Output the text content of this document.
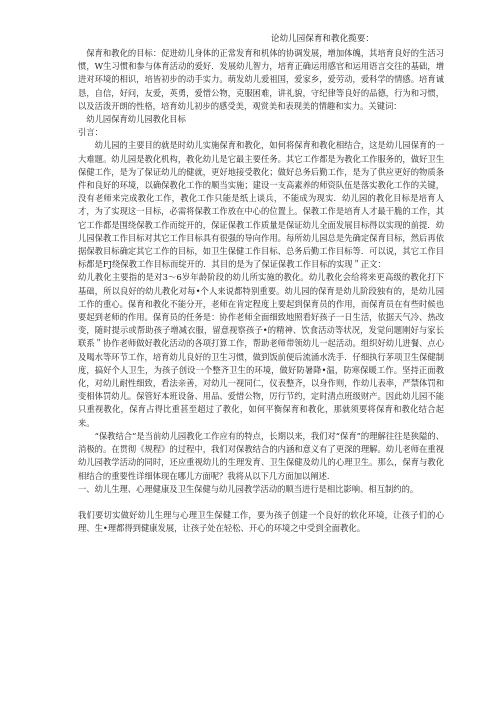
论幼儿园保育和教化揽要：

保育和教化的目标：促进幼儿身体的正常发育和机体的协调发展，增加体魄，其培育良好的生活习惯，W生习惯和参与体育活动的爱好．发展幼儿智力，培育正确运用感官和运用语言交往的基础，增进对环境的相识，培皆初步的动手实力。萌发幼儿爱祖国，爱家乡，爱劳动，爱科学的情感。培育诚恳，自信，好问，友爱，英勇，爱惜公物，克服困难，讲礼貌，守纪律等良好的品德，行为和习惯，以及活泼开朗的性格，培育幼儿初步的感受美，观赏美和表现美的情趣和实力。关键词：

幼儿园保育幼儿园教化目标

引言：

幼儿园的主要目的就是时幼儿实施保育和教化，如何将保育和教化相结合，这是幼儿园保育的一大难题。幼儿园是教化机构，教化幼儿是它最主要任务。其它工作都是为教化工作服务的，做好卫生保健工作，是为了保证幼儿的健就，更好地接受教化；做好总务后勤工作，是为了供应更好的物质条件和良好的环境，以确保教化工作的顺当实施；建设一支高素养的师资队伍是落实教化工作的关键，没有老师来完成教化工作，教化工作只能是纸上谈兵，不能成为现实．幼儿园的教化目标是培育人才，为了实现这一目标，必需将保教工作放在中心的位置上。保教工作是培育人才最干脆的工作，其它工作都是围绕保教工作而绽开的，保证保教工作质量是保证幼儿全面发展目标得以实现的前提．幼儿园保教工作目标对其它工作目标具有很强的导向作用。每所幼儿园总是先确定保育目标，然后再依据保教目标确定其它工作的目标，如卫生保健工作目标、总务后勤工作目标等．可以说，其它工作目标都是FJ绕保教工作目标而绽开的．其目的是为了保证保教工作目标的实现＂正文：

幼儿教化主要指的是对3〜6岁年龄阶段的幼儿所实施的教化。幼儿教化会给将来更高级的教化打下基础，所以良好的幼儿教化对每•个人来说都特别重要。幼儿园的保育是幼儿阶段独有的，是幼儿园工作的重心。保育和教化不能分开，老师在肯定程度上要起到保育员的作用，而保育员在有些时候也要起到老师的作用。保育员的任务是：协作老师全面细致地照看好孩子一日生活，依据天气冷、热改变，随时提示或帮助孩子增减衣服，留意视察孩子•的精神、饮食活动等状况，发觉问题刚好与家长联系＂协作老师做好教化活动的各项打算工作，帮助老师带领幼儿一起活动。组织好幼儿进餐、点心及喝水等环节工作，培育幼儿良好的卫生习惯，做到饭前便后流涌水洗手．仔细执行茅项卫生保健制度，搞好个人卫生，为孩子创设一个整齐卫生的环境，做好防暑降•温，防寒保暖工作。坚持正面教化，对幼儿耐性细致，看法亲善，对幼儿一视同仁，仪表整齐，以身作则，作幼儿表率，严禁体罚和变相体罚幼儿。保管好本班设备、用品、爱惜公物，厉行节约，定时清点班级财产。因此幼儿园不能只重视教化，保育占得比重甚至超过了教化，如何平衡保育和教化，那就须要将保育和教化结合起来。

“保教结合”是当前幼儿园教化工作应有的特点，长期以来，我们对“保育”的理解往往是狭隘的、消极的。在贯彻《规程》的过程中，我们对保教结合的内涵和意义有了更深的理解。幼儿老师在重视幼儿园教学活动的同时，还应重视幼儿的生理发育、卫生保健及幼儿的心理卫生。那么，保育与教化相结合的重要性详细体现在哪儿方面呢？我将从以下几方面加以阐述.

一、幼儿生理、心理健康及卫生保健与幼儿园教学活动的顺当进行是相比影响、相互制约的。

我们要切实做好幼儿生理与心理卫生保健工作，要为孩子创建一个良好的软化环境，让孩子们的心理、生•理都得到健康发展，让孩子处在轻松、开心的环境之中受到全面教化。
